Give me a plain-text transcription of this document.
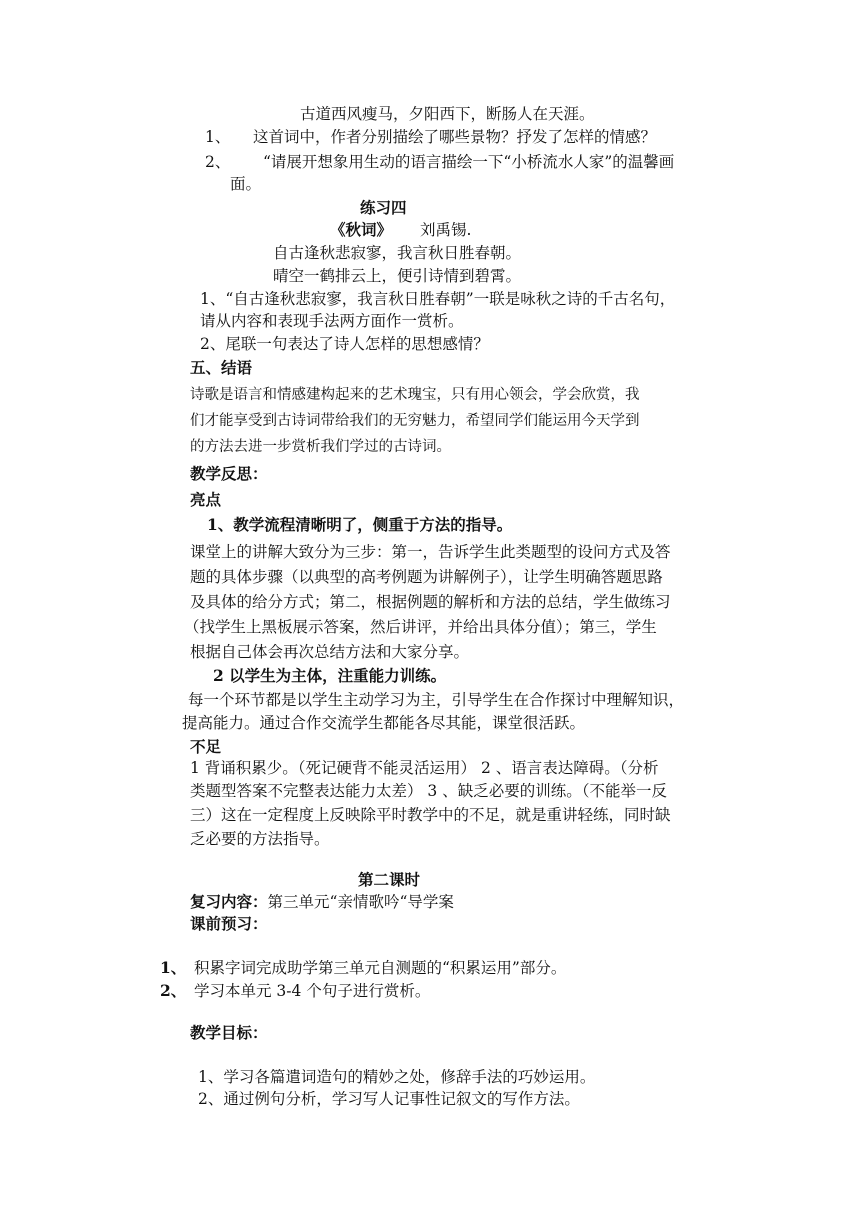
古道西风瘦马，夕阳西下，断肠人在天涯。
1、 这首词中，作者分别描绘了哪些景物？抒发了怎样的情感？
2、 “请展开想象用生动的语言描绘一下“小桥流水人家”的温馨画
面。
练习四
《秋词》 刘禹锡.
自古逢秋悲寂寥，我言秋日胜春朝。
晴空一鹤排云上，便引诗情到碧霄。
1、“自古逢秋悲寂寥，我言秋日胜春朝”一联是咏秋之诗的千古名句，
请从内容和表现手法两方面作一赏析。
2、尾联一句表达了诗人怎样的思想感情？
五、结语
诗歌是语言和情感建构起来的艺术瑰宝，只有用心领会，学会欣赏，我
们才能享受到古诗词带给我们的无穷魅力，希望同学们能运用今天学到
的方法去进一步赏析我们学过的古诗词。
教学反思：
亮点
1、教学流程清晰明了，侧重于方法的指导。
课堂上的讲解大致分为三步：第一，告诉学生此类题型的设问方式及答
题的具体步骤（以典型的高考例题为讲解例子），让学生明确答题思路
及具体的给分方式；第二，根据例题的解析和方法的总结，学生做练习
（找学生上黑板展示答案，然后讲评，并给出具体分值）；第三，学生
根据自己体会再次总结方法和大家分享。
2 以学生为主体，注重能力训练。
每一个环节都是以学生主动学习为主，引导学生在合作探讨中理解知识，
提高能力。通过合作交流学生都能各尽其能，课堂很活跃。
不足
1 背诵积累少。（死记硬背不能灵活运用） 2 、语言表达障碍。（分析
类题型答案不完整表达能力太差） 3 、缺乏必要的训练。（不能举一反
三）这在一定程度上反映除平时教学中的不足，就是重讲轻练，同时缺
乏必要的方法指导。
第二课时
复习内容：第三单元“亲情歌吟“导学案
课前预习：
1、 积累字词完成助学第三单元自测题的“积累运用”部分。
2、 学习本单元 3-4 个句子进行赏析。
教学目标：
1、学习各篇遣词造句的精妙之处，修辞手法的巧妙运用。
2、通过例句分析，学习写人记事性记叙文的写作方法。
